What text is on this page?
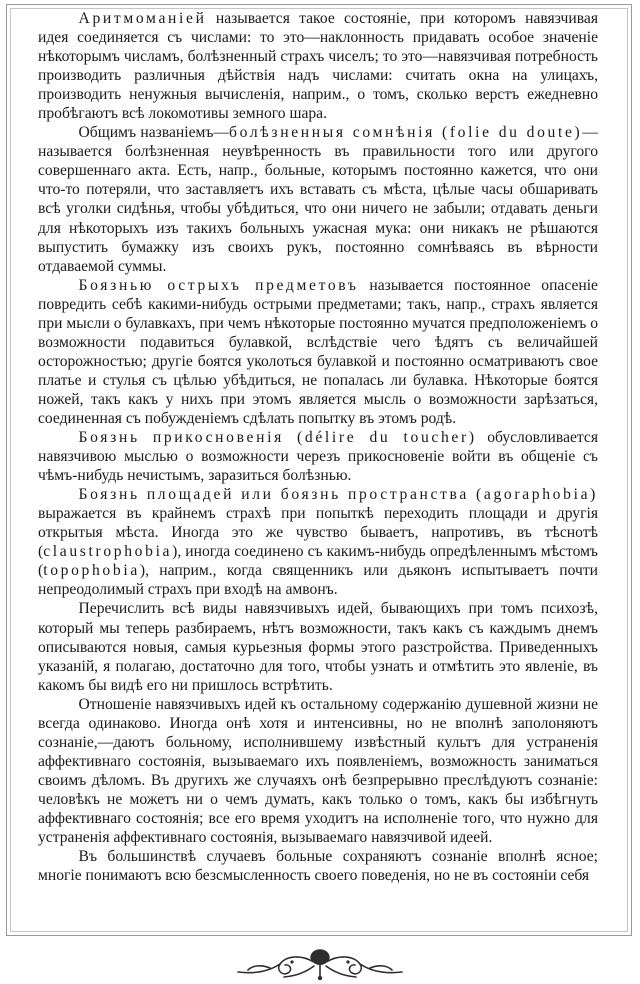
Аритмоманіей называется такое состояніе, при которомъ навязчивая идея соединяется съ числами: то это—наклонность придавать особое значеніе нѣкоторымъ числамъ, болѣзненный страхъ чиселъ; то это—навязчивая потребность производить различныя дѣйствія надъ числами: считать окна на улицахъ, производить ненужныя вычисленія, наприм., о томъ, сколько верстъ ежедневно пробѣгаютъ всѣ локомотивы земного шара.

Общимъ названіемъ—болѣзненныя сомнѣнія (folie du doute)—называется болѣзненная неувѣренность въ правильности того или другого совершеннаго акта. Есть, напр., больные, которымъ постоянно кажется, что они что-то потеряли, что заставляетъ ихъ вставать съ мѣста, цѣлые часы обшаривать всѣ уголки сидѣнья, чтобы убѣдиться, что они ничего не забыли; отдавать деньги для нѣкоторыхъ изъ такихъ больныхъ ужасная мука: они никакъ не рѣшаются выпустить бумажку изъ своихъ рукъ, постоянно сомнѣваясь въ вѣрности отдаваемой суммы.

Боязнью острыхъ предметовъ называется постоянное опасеніе повредить себѣ какими-нибудь острыми предметами; такъ, напр., страхъ является при мысли о булавкахъ, при чемъ нѣкоторые постоянно мучатся предположеніемъ о возможности подавиться булавкой, вслѣдствіе чего ѣдятъ съ величайшей осторожностью; другіе боятся уколоться булавкой и постоянно осматриваютъ свое платье и стулья съ цѣлью убѣдиться, не попалась ли булавка. Нѣкоторые боятся ножей, такъ какъ у нихъ при этомъ является мысль о возможности зарѣзаться, соединенная съ побужденіемъ сдѣлать попытку въ этомъ родѣ.

Боязнь прикосновенія (délire du toucher) обусловливается навязчивою мыслью о возможности черезъ прикосновеніе войти въ общеніе съ чѣмъ-нибудь нечистымъ, заразиться болѣзнью.

Боязнь площадей или боязнь пространства (agoraphobia) выражается въ крайнемъ страхѣ при попыткѣ переходить площади и другія открытыя мѣста. Иногда это же чувство бываетъ, напротивъ, въ тѣснотѣ (claustrophobia), иногда соединено съ какимъ-нибудь опредѣленнымъ мѣстомъ (topophobia), наприм., когда священникъ или дьяконъ испытываетъ почти непреодолимый страхъ при входѣ на амвонъ.

Перечислить всѣ виды навязчивыхъ идей, бывающихъ при томъ психозѣ, который мы теперь разбираемъ, нѣтъ возможности, такъ какъ съ каждымъ днемъ описываются новыя, самыя курьезныя формы этого разстройства. Приведенныхъ указаній, я полагаю, достаточно для того, чтобы узнать и отмѣтить это явленіе, въ какомъ бы видѣ его ни пришлось встрѣтить.

Отношеніе навязчивыхъ идей къ остальному содержанію душевной жизни не всегда одинаково. Иногда онѣ хотя и интенсивны, но не вполнѣ заполоняютъ сознаніе,—даютъ больному, исполнившему извѣстный культъ для устраненія аффективнаго состоянія, вызываемаго ихъ появленіемъ, возможность заниматься своимъ дѣломъ. Въ другихъ же случаяхъ онѣ безпрерывно преслѣдуютъ сознаніе: человѣкъ не можетъ ни о чемъ думать, какъ только о томъ, какъ бы избѣгнуть аффективнаго состоянія; все его время уходитъ на исполненіе того, что нужно для устраненія аффективнаго состоянія, вызываемаго навязчивой идеей.

Въ большинствѣ случаевъ больные сохраняютъ сознаніе вполнѣ ясное; многіе понимаютъ всю безсмысленность своего поведенія, но не въ состояніи себя
